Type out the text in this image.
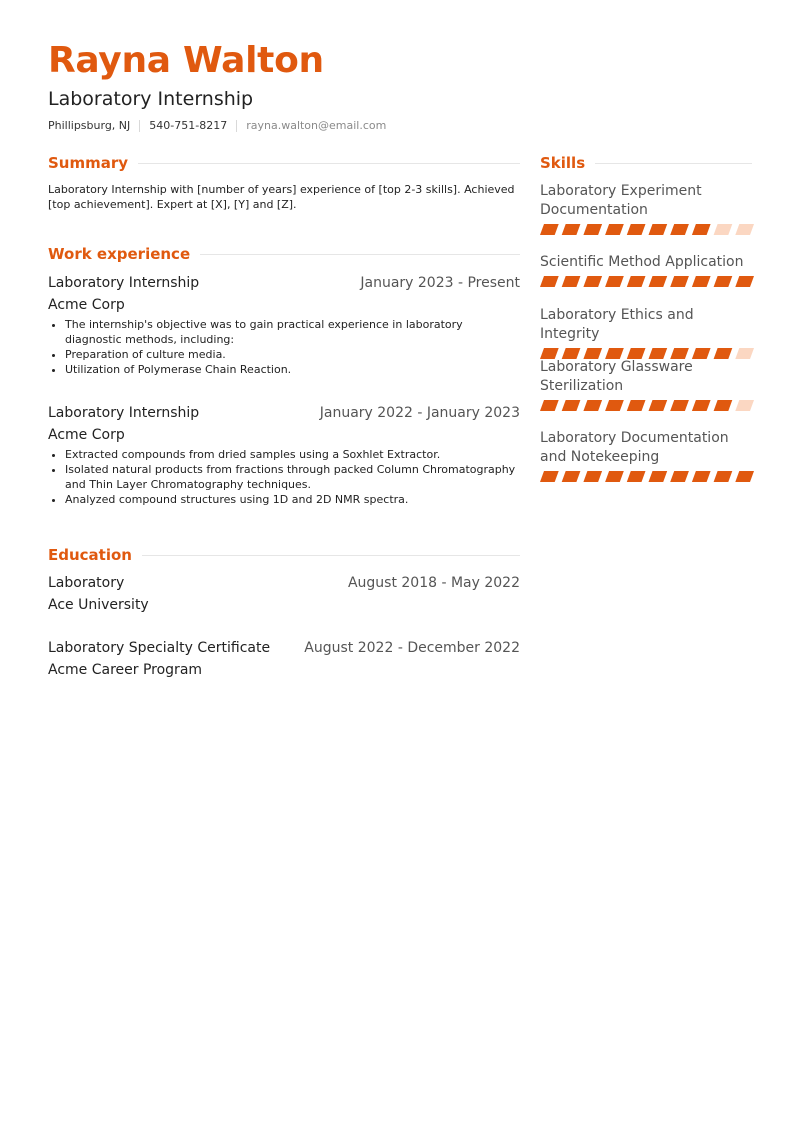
Rayna Walton
Laboratory Internship
Phillipsburg, NJ 540-751-8217 rayna.walton@email.com
Summary

Laboratory Internship with [number of years] experience of [top 2-3 skills]. Achieved [top achievement]. Expert at [X], [Y] and [Z].

Work experience
Laboratory Internship	January 2023 - Present
Acme Corp
• The internship's objective was to gain practical experience in laboratory diagnostic methods, including:
• Preparation of culture media.
• Utilization of Polymerase Chain Reaction.
Laboratory Internship	January 2022 - January 2023
Acme Corp
• Extracted compounds from dried samples using a Soxhlet Extractor.
• Isolated natural products from fractions through packed Column Chromatography and Thin Layer Chromatography techniques.
• Analyzed compound structures using 1D and 2D NMR spectra.
Education
Laboratory	August 2018 - May 2022
Ace University
Laboratory Specialty Certificate August 2022 - December 2022
Acme Career Program
Skills
Laboratory Experiment Documentation
Scientific Method Application
Laboratory Ethics and Integrity
Laboratory Glassware Sterilization
Laboratory Documentation and Notekeeping
